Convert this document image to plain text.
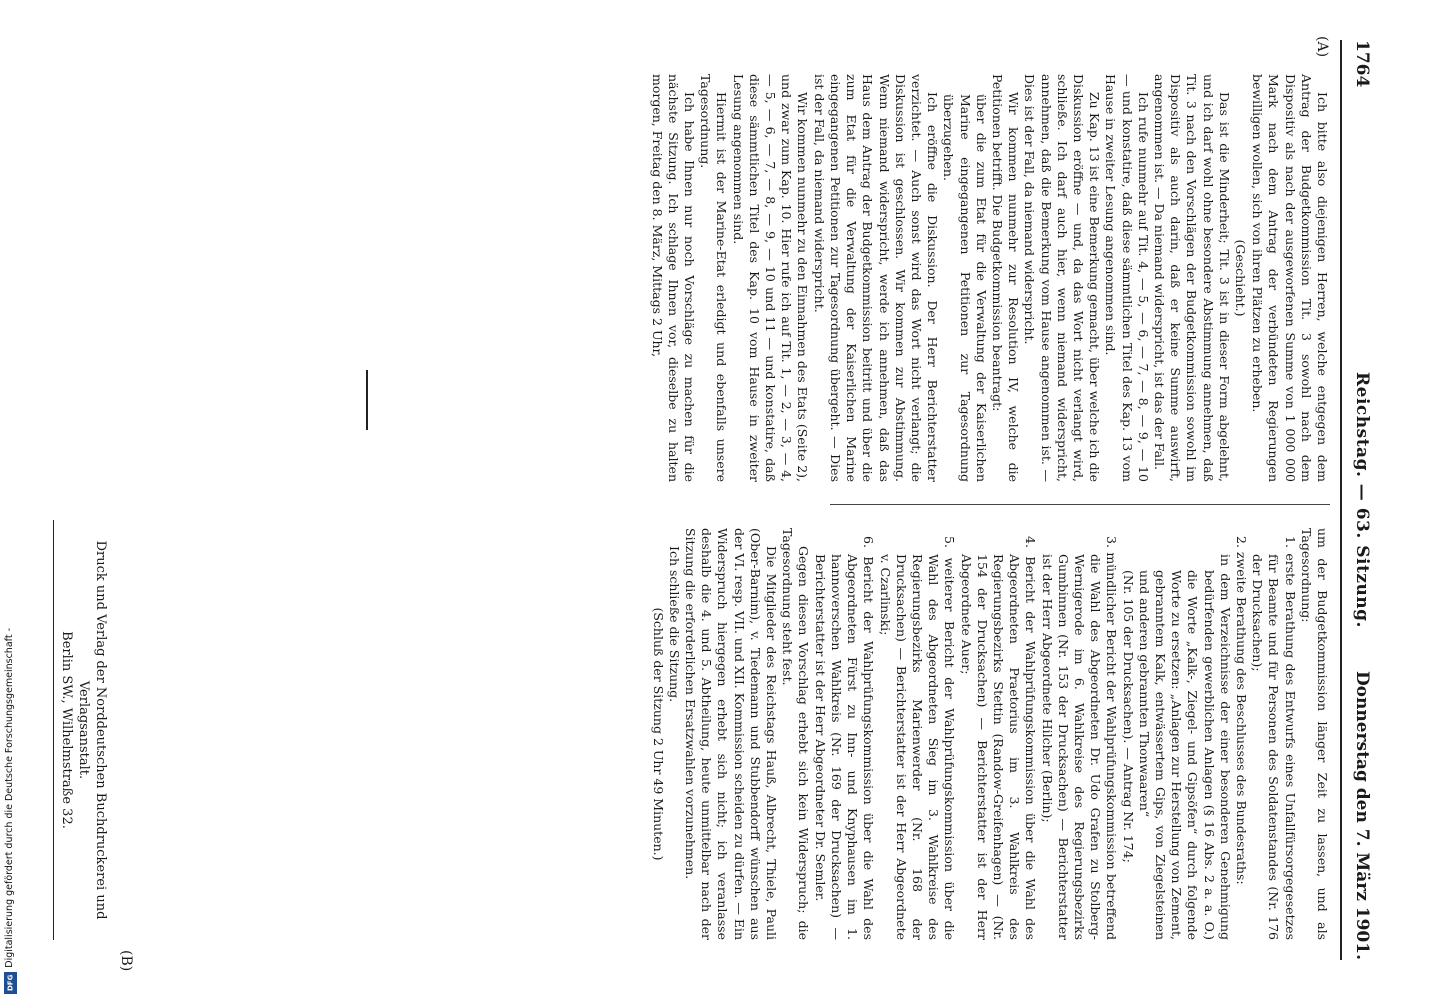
1764
Reichstag. — 63. Sitzung.
Donnerstag den 7. März 1901.
(A)
(B)

Ich bitte also diejenigen Herren, welche entgegen dem Antrag der Budgetkommission Tit. 3 sowohl nach dem Dispositiv als nach der ausgeworfenen Summe von 1 000 000 Mark nach dem Antrag der verbündeten Regierungen bewilligen wollen, sich von ihren Plätzen zu erheben.

(Geschieht.)

Das ist die Minderheit; Tit. 3 ist in dieser Form abgelehnt, und ich darf wohl ohne besondere Abstimmung annehmen, daß Tit. 3 nach den Vorschlägen der Budgetkommission sowohl im Dispositiv als auch darin, daß er keine Summe auswirft, angenommen ist. — Da niemand widerspricht, ist das der Fall.

Ich rufe nunmehr auf Tit. 4, — 5, — 6, — 7, — 8, — 9, — 10 — und konstatire, daß diese sämmtlichen Titel des Kap. 13 vom Hause in zweiter Lesung angenommen sind.

Zu Kap. 13 ist eine Bemerkung gemacht, über welche ich die Diskussion eröffne — und, da das Wort nicht verlangt wird, schließe. Ich darf auch hier, wenn niemand widerspricht, annehmen, daß die Bemerkung vom Hause angenommen ist. — Dies ist der Fall, da niemand widerspricht.

Wir kommen nunmehr zur Resolution IV, welche die Petitionen betrifft. Die Budgetkommission beantragt:

über die zum Etat für die Verwaltung der Kaiserlichen Marine eingegangenen Petitionen zur Tagesordnung überzugehen.

Ich eröffne die Diskussion. Der Herr Berichterstatter verzichtet. — Auch sonst wird das Wort nicht verlangt; die Diskussion ist geschlossen. Wir kommen zur Abstimmung. Wenn niemand widerspricht, werde ich annehmen, daß das Haus dem Antrag der Budgetkommission beitritt und über die zum Etat für die Verwaltung der Kaiserlichen Marine eingegangenen Petitionen zur Tagesordnung übergeht. — Dies ist der Fall, da niemand widerspricht.

Wir kommen nunmehr zu den Einnahmen des Etats (Seite 2), und zwar zum Kap. 10. Hier rufe ich auf Tit. 1, — 2, — 3, — 4, — 5, — 6, — 7, — 8, — 9, — 10 und 11 — und konstatire, daß diese sämmtlichen Titel des Kap. 10 vom Hause in zweiter Lesung angenommen sind.

Hiermit ist der Marine-Etat erledigt und ebenfalls unsere Tagesordnung.

Ich habe Ihnen nur noch Vorschläge zu machen für die nächste Sitzung. Ich schlage Ihnen vor, dieselbe zu halten morgen, Freitag den 8. März, Mittags 2 Uhr,

um der Budgetkommission länger Zeit zu lassen, und als Tagesordnung:

1. erste Berathung des Entwurfs eines Unfallfürsorgegesetzes für Beamte und für Personen des Soldatenstandes (Nr. 176 der Drucksachen);

2. zweite Berathung des Beschlusses des Bundesraths:

in dem Verzeichnisse der einer besonderen Genehmigung bedürfenden gewerblichen Anlagen (§ 16 Abs. 2 a. a. O.) die Worte „Kalk-, Ziegel- und Gipsöfen“ durch folgende Worte zu ersetzen: „Anlagen zur Herstellung von Zement, gebranntem Kalk, entwässertem Gips, von Ziegelsteinen und anderen gebrannten Thonwaaren“

(Nr. 105 der Drucksachen). — Antrag Nr. 174;

3. mündlicher Bericht der Wahlprüfungskommission betreffend die Wahl des Abgeordneten Dr. Udo Grafen zu Stolberg-Wernigerode im 6. Wahlkreise des Regierungsbezirks Gumbinnen (Nr. 153 der Drucksachen) — Berichterstatter ist der Herr Abgeordnete Hilcher (Berlin);

4. Bericht der Wahlprüfungskommission über die Wahl des Abgeordneten Praetorius im 3. Wahlkreis des Regierungsbezirks Stettin (Randow-Greifenhagen) — (Nr. 154 der Drucksachen) — Berichterstatter ist der Herr Abgeordnete Auer;

5. weiterer Bericht der Wahlprüfungskommission über die Wahl des Abgeordneten Sieg im 3. Wahlkreise des Regierungsbezirks Marienwerder (Nr. 168 der Drucksachen) — Berichterstatter ist der Herr Abgeordnete v. Czarlinski;

6. Bericht der Wahlprüfungskommission über die Wahl des Abgeordneten Fürst zu Inn- und Knyphausen im 1. hannoverschen Wahlkreis (Nr. 169 der Drucksachen) — Berichterstatter ist der Herr Abgeordneter Dr. Semler.

Gegen diesen Vorschlag erhebt sich kein Widerspruch; die Tagesordnung steht fest.

Die Mitglieder des Reichstags Hauß, Albrecht, Thiele, Pauli (Ober-Barnim), v. Tiedemann und Stubbendorff wünschen aus der VI. resp. VII. und XII. Kommission scheiden zu dürfen. — Ein Widerspruch hiergegen erhebt sich nicht; ich veranlasse deshalb die 4. und 5. Abtheilung, heute unmittelbar nach der Sitzung die erforderlichen Ersatzwahlen vorzunehmen.

Ich schließe die Sitzung.

(Schluß der Sitzung 2 Uhr 49 Minuten.)

Druck und Verlag der Norddeutschen Buchdruckerei und Verlagsanstalt.
Berlin SW., Wilhelmstraße 32.
Digitalisierung gefördert durch die Deutsche Forschungsgemeinschaft -
DFG
